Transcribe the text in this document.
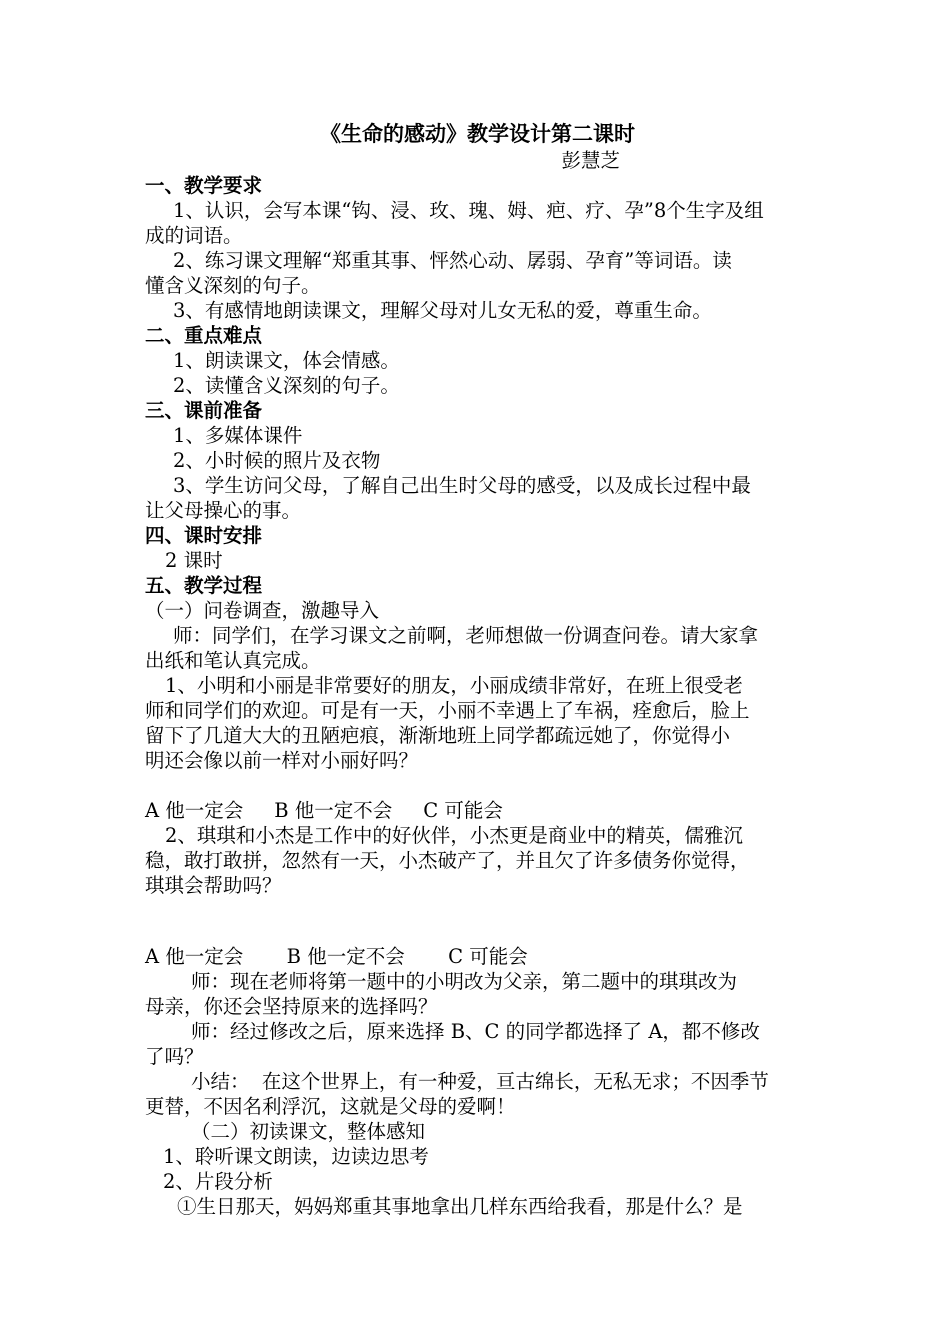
《生命的感动》教学设计第二课时
彭慧芝
一、教学要求
1、认识，会写本课“钩、浸、玫、瑰、姆、疤、疗、孕”8个生字及组
成的词语。
2、练习课文理解“郑重其事、怦然心动、孱弱、孕育”等词语。读
懂含义深刻的句子。
3、有感情地朗读课文，理解父母对儿女无私的爱，尊重生命。
二、重点难点
1、朗读课文，体会情感。
2、读懂含义深刻的句子。
三、课前准备
1、多媒体课件
2、小时候的照片及衣物
3、学生访问父母，了解自己出生时父母的感受，以及成长过程中最
让父母操心的事。
四、课时安排
2 课时
五、教学过程
（一）问卷调查，激趣导入
师：同学们，在学习课文之前啊，老师想做一份调查问卷。请大家拿
出纸和笔认真完成。
1、小明和小丽是非常要好的朋友，小丽成绩非常好，在班上很受老
师和同学们的欢迎。可是有一天，小丽不幸遇上了车祸，痊愈后，脸上
留下了几道大大的丑陋疤痕，渐渐地班上同学都疏远她了，你觉得小
明还会像以前一样对小丽好吗？
A 他一定会     B 他一定不会     C 可能会
2、琪琪和小杰是工作中的好伙伴，小杰更是商业中的精英，儒雅沉
稳，敢打敢拼，忽然有一天，小杰破产了，并且欠了许多债务你觉得，
琪琪会帮助吗？
A 他一定会       B 他一定不会       C 可能会
师：现在老师将第一题中的小明改为父亲，第二题中的琪琪改为
母亲，你还会坚持原来的选择吗？
师：经过修改之后，原来选择 B、C 的同学都选择了 A，都不修改
了吗？
小结：  在这个世界上，有一种爱，亘古绵长，无私无求；不因季节
更替，不因名利浮沉，这就是父母的爱啊！
（二）初读课文，整体感知
1、聆听课文朗读，边读边思考
2、片段分析
①生日那天，妈妈郑重其事地拿出几样东西给我看，那是什么？是
